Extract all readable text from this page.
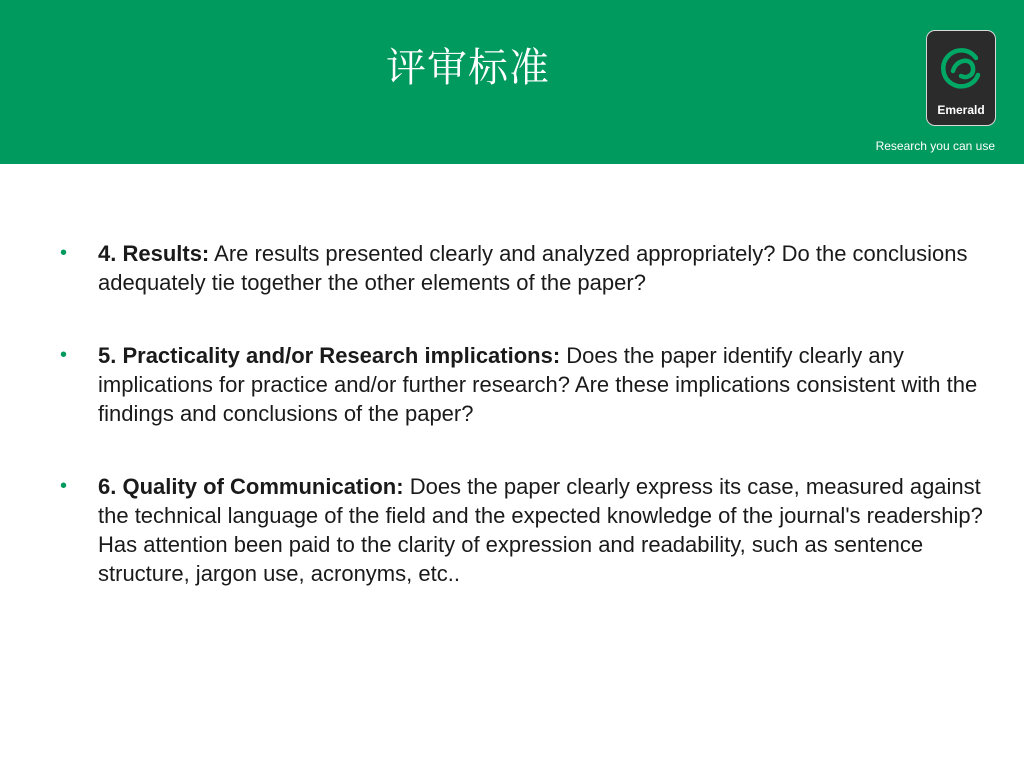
评审标准
Emerald
Research you can use
• 4. Results: Are results presented clearly and analyzed appropriately? Do the conclusions adequately tie together the other elements of the paper?
• 5. Practicality and/or Research implications: Does the paper identify clearly any implications for practice and/or further research? Are these implications consistent with the findings and conclusions of the paper?
• 6. Quality of Communication: Does the paper clearly express its case, measured against the technical language of the field and the expected knowledge of the journal's readership? Has attention been paid to the clarity of expression and readability, such as sentence structure, jargon use, acronyms, etc..
